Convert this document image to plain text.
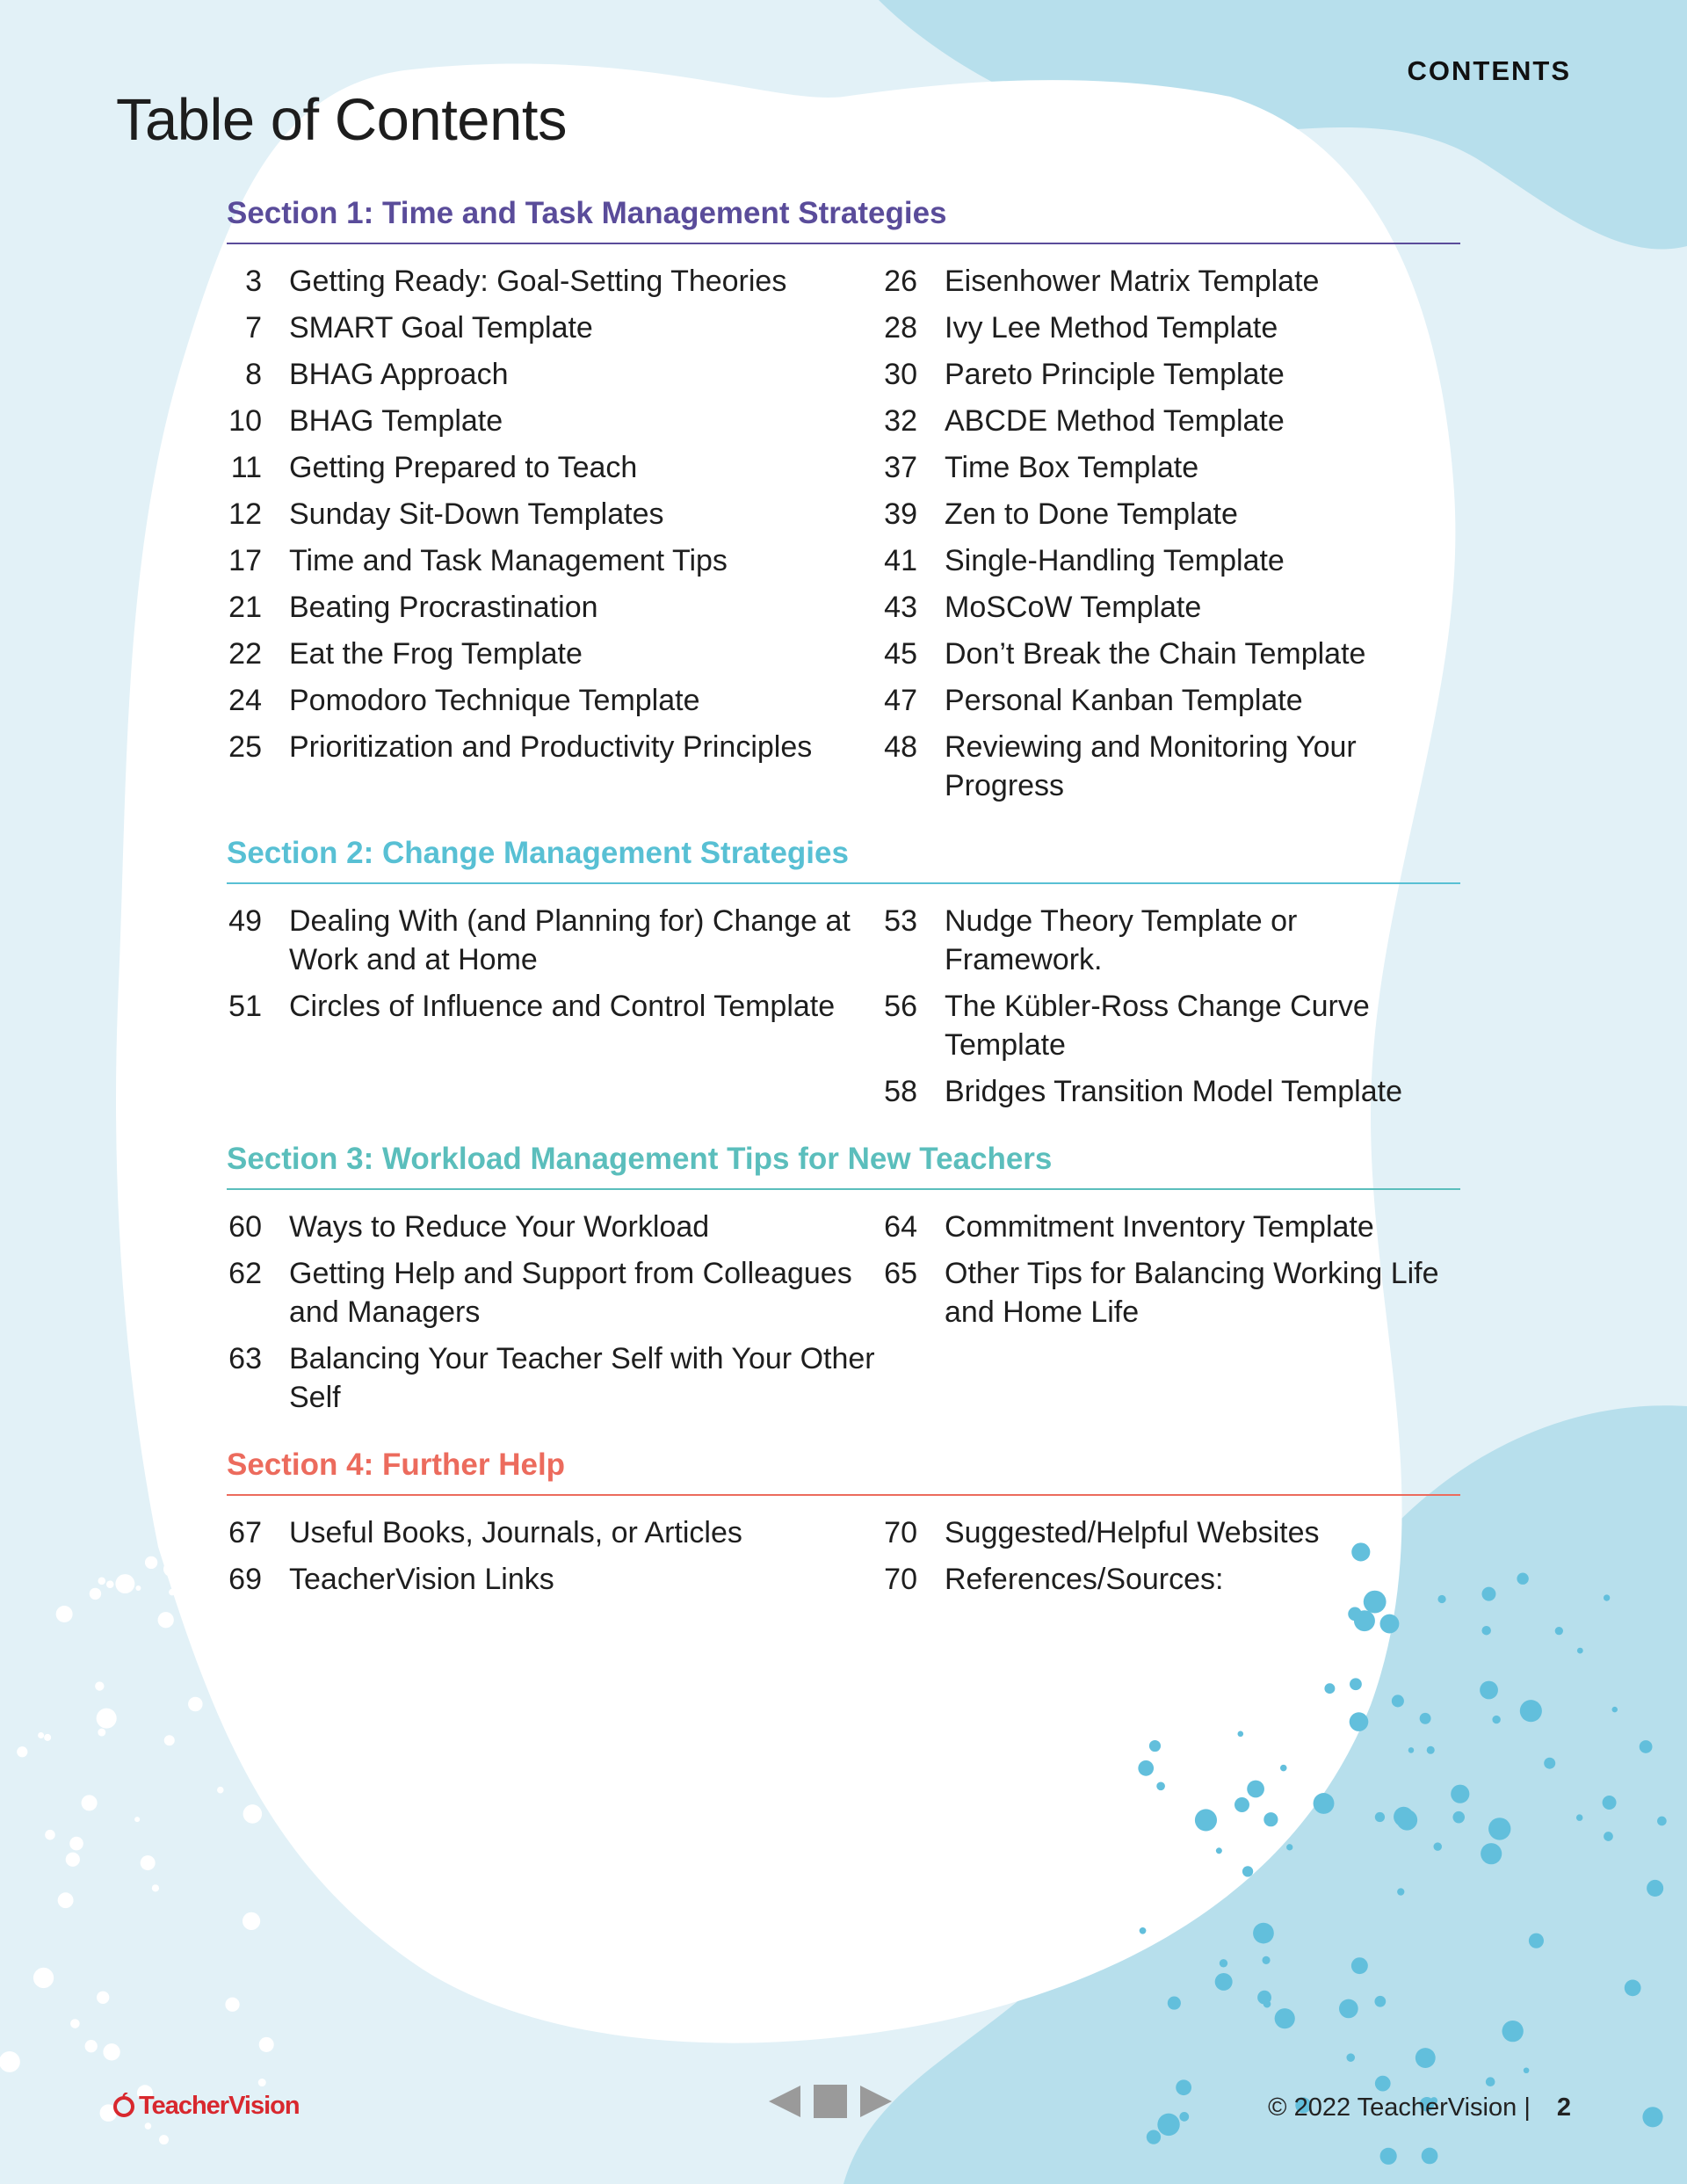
CONTENTS
Table of Contents
Section 1: Time and Task Management Strategies
3 Getting Ready: Goal-Setting Theories
7 SMART Goal Template
8 BHAG Approach
10 BHAG Template
11 Getting Prepared to Teach
12 Sunday Sit-Down Templates
17 Time and Task Management Tips
21 Beating Procrastination
22 Eat the Frog Template
24 Pomodoro Technique Template
25 Prioritization and Productivity Principles
26 Eisenhower Matrix Template
28 Ivy Lee Method Template
30 Pareto Principle Template
32 ABCDE Method Template
37 Time Box Template
39 Zen to Done Template
41 Single-Handling Template
43 MoSCoW Template
45 Don’t Break the Chain Template
47 Personal Kanban Template
48 Reviewing and Monitoring Your Progress
Section 2: Change Management Strategies
49 Dealing With (and Planning for) Change at Work and at Home
51 Circles of Influence and Control Template
53 Nudge Theory Template or Framework.
56 The Kübler-Ross Change Curve Template
58 Bridges Transition Model Template
Section 3: Workload Management Tips for New Teachers
60 Ways to Reduce Your Workload
62 Getting Help and Support from Colleagues and Managers
63 Balancing Your Teacher Self with Your Other Self
64 Commitment Inventory Template
65 Other Tips for Balancing Working Life and Home Life
Section 4: Further Help
67 Useful Books, Journals, or Articles
69 TeacherVision Links
70 Suggested/Helpful Websites
70 References/Sources:
TeacherVision	© 2022 TeacherVision | 2
